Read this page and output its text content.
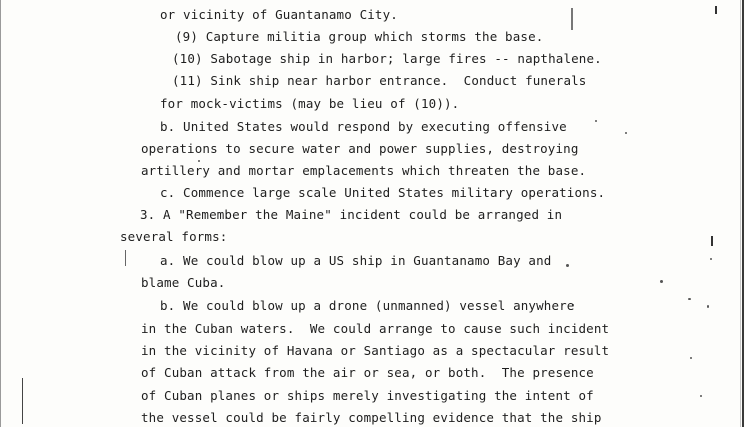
or vicinity of Guantanamo City.
(9) Capture militia group which storms the base.
(10) Sabotage ship in harbor; large fires -- napthalene.
(11) Sink ship near harbor entrance.  Conduct funerals
for mock-victims (may be lieu of (10)).
b. United States would respond by executing offensive
operations to secure water and power supplies, destroying
artillery and mortar emplacements which threaten the base.
c. Commence large scale United States military operations.
3. A "Remember the Maine" incident could be arranged in
several forms:
a. We could blow up a US ship in Guantanamo Bay and
blame Cuba.
b. We could blow up a drone (unmanned) vessel anywhere
in the Cuban waters.  We could arrange to cause such incident
in the vicinity of Havana or Santiago as a spectacular result
of Cuban attack from the air or sea, or both.  The presence
of Cuban planes or ships merely investigating the intent of
the vessel could be fairly compelling evidence that the ship
